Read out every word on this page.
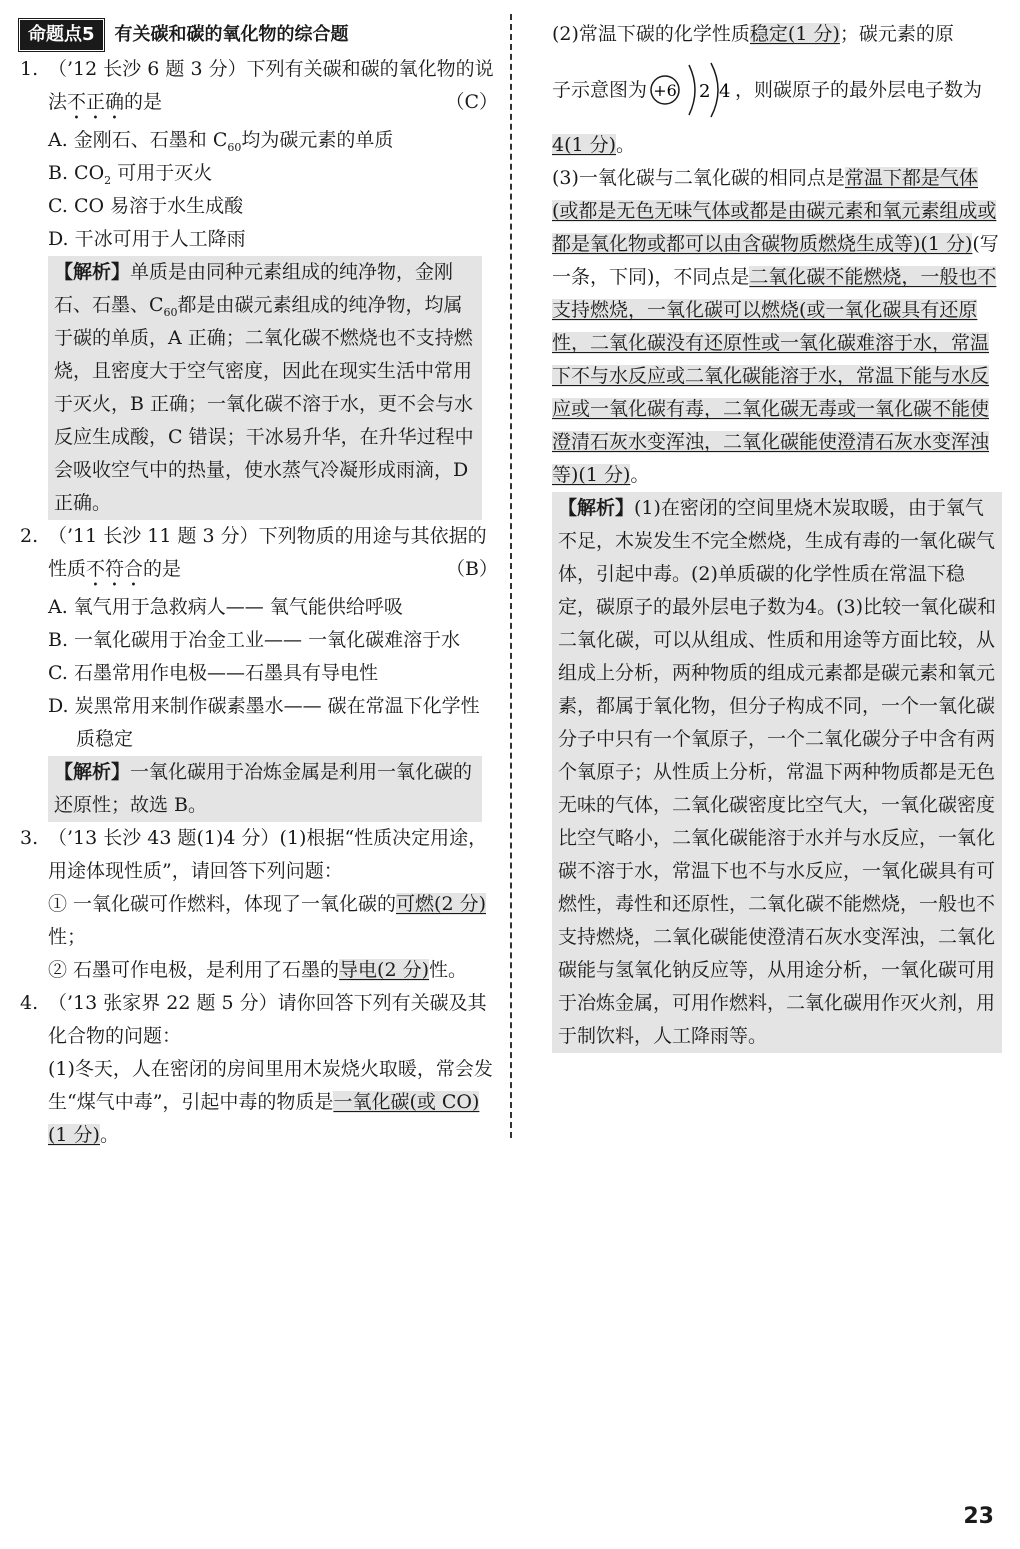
命题点5	有关碳和碳的氧化物的综合题
1. （’12 长沙 6 题 3 分）下列有关碳和碳的氧化物的说法不正确的是	（C）
A. 金刚石、石墨和 $C_{60}$均为碳元素的单质
B. $CO_2$ 可用于灭火
C. CO 易溶于水生成酸
D. 干冰可用于人工降雨
【解析】单质是由同种元素组成的纯净物，金刚石、石墨、$C_{60}$都是由碳元素组成的纯净物，均属于碳的单质，A 正确；二氧化碳不燃烧也不支持燃烧，且密度大于空气密度，因此在现实生活中常用于灭火，B 正确；一氧化碳不溶于水，更不会与水反应生成酸，C 错误；干冰易升华，在升华过程中会吸收空气中的热量，使水蒸气冷凝形成雨滴，D 正确。
2. （’11 长沙 11 题 3 分）下列物质的用途与其依据的性质不符合的是	（B）
A. 氧气用于急救病人—— 氧气能供给呼吸
B. 一氧化碳用于冶金工业—— 一氧化碳难溶于水
C. 石墨常用作电极——石墨具有导电性
D. 炭黑常用来制作碳素墨水—— 碳在常温下化学性质稳定
【解析】一氧化碳用于冶炼金属是利用一氧化碳的还原性；故选 B。
3. （’13 长沙 43 题(1)4 分）(1)根据“性质决定用途，用途体现性质”，请回答下列问题：
① 一氧化碳可作燃料，体现了一氧化碳的可燃(2 分)性；
② 石墨可作电极，是利用了石墨的导电(2 分)性。
4. （’13 张家界 22 题 5 分）请你回答下列有关碳及其化合物的问题：
(1)冬天，人在密闭的房间里用木炭烧火取暖，常会发生“煤气中毒”，引起中毒的物质是一氧化碳(或 CO)(1 分)。
(2)常温下碳的化学性质稳定(1 分)；碳元素的原
子示意图为 +6 2 4 ，则碳原子的最外层电子数为
4(1 分)。
(3)一氧化碳与二氧化碳的相同点是常温下都是气体(或都是无色无味气体或都是由碳元素和氧元素组成或都是氧化物或都可以由含碳物质燃烧生成等)(1 分)(写一条，下同)，不同点是二氧化碳不能燃烧，一般也不支持燃烧，一氧化碳可以燃烧(或一氧化碳具有还原性，二氧化碳没有还原性或一氧化碳难溶于水，常温下不与水反应或二氧化碳能溶于水，常温下能与水反应或一氧化碳有毒，二氧化碳无毒或一氧化碳不能使澄清石灰水变浑浊，二氧化碳能使澄清石灰水变浑浊等)(1 分)。
【解析】(1)在密闭的空间里烧木炭取暖，由于氧气不足，木炭发生不完全燃烧，生成有毒的一氧化碳气体，引起中毒。(2)单质碳的化学性质在常温下稳定，碳原子的最外层电子数为4。(3)比较一氧化碳和二氧化碳，可以从组成、性质和用途等方面比较，从组成上分析，两种物质的组成元素都是碳元素和氧元素，都属于氧化物，但分子构成不同，一个一氧化碳分子中只有一个氧原子，一个二氧化碳分子中含有两个氧原子；从性质上分析，常温下两种物质都是无色无味的气体，二氧化碳密度比空气大，一氧化碳密度比空气略小，二氧化碳能溶于水并与水反应，一氧化碳不溶于水，常温下也不与水反应，一氧化碳具有可燃性，毒性和还原性，二氧化碳不能燃烧，一般也不支持燃烧，二氧化碳能使澄清石灰水变浑浊，二氧化碳能与氢氧化钠反应等，从用途分析，一氧化碳可用于冶炼金属，可用作燃料，二氧化碳用作灭火剂，用于制饮料，人工降雨等。
23
